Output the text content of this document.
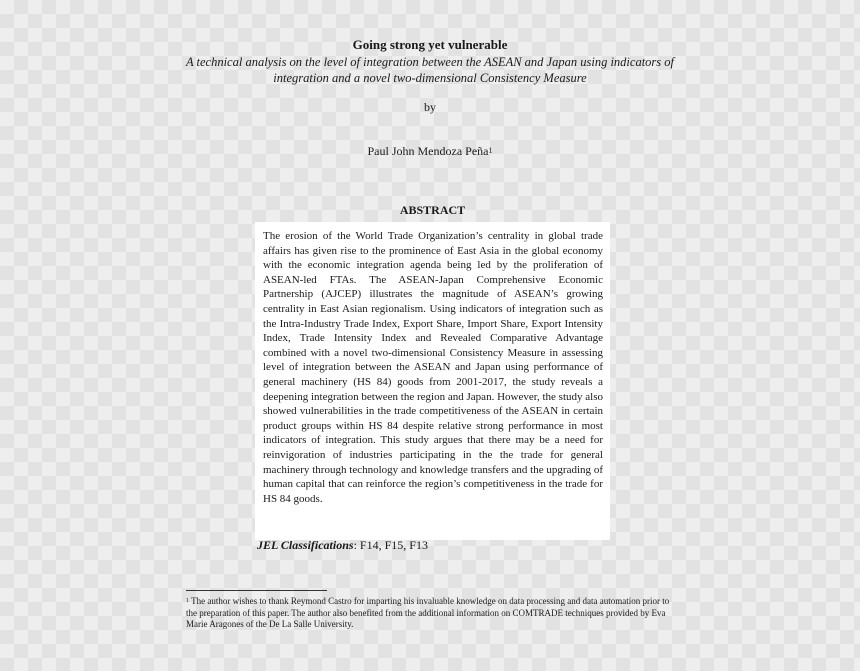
Going strong yet vulnerable
A technical analysis on the level of integration between the ASEAN and Japan using indicators of integration and a novel two-dimensional Consistency Measure
by
Paul John Mendoza Peña$^1$
ABSTRACT

The erosion of the World Trade Organization’s centrality in global trade affairs has given rise to the prominence of East Asia in the global economy with the economic integration agenda being led by the proliferation of ASEAN-led FTAs. The ASEAN-Japan Comprehensive Economic Partnership (AJCEP) illustrates the magnitude of ASEAN’s growing centrality in East Asian regionalism. Using indicators of integration such as the Intra-Industry Trade Index, Export Share, Import Share, Export Intensity Index, Trade Intensity Index and Revealed Comparative Advantage combined with a novel two-dimensional Consistency Measure in assessing level of integration between the ASEAN and Japan using performance of general machinery (HS 84) goods from 2001-2017, the study reveals a deepening integration between the region and Japan. However, the study also showed vulnerabilities in the trade competitiveness of the ASEAN in certain product groups within HS 84 despite relative strong performance in most indicators of integration. This study argues that there may be a need for reinvigoration of industries participating in the the trade for general machinery through technology and knowledge transfers and the upgrading of human capital that can reinforce the region’s competitiveness in the trade for HS 84 goods.

JEL Classifications: F14, F15, F13

$^1$ The author wishes to thank Reymond Castro for imparting his invaluable knowledge on data processing and data automation prior to the preparation of this paper. The author also benefited from the additional information on COMTRADE techniques provided by Eva Marie Aragones of the De La Salle University.
